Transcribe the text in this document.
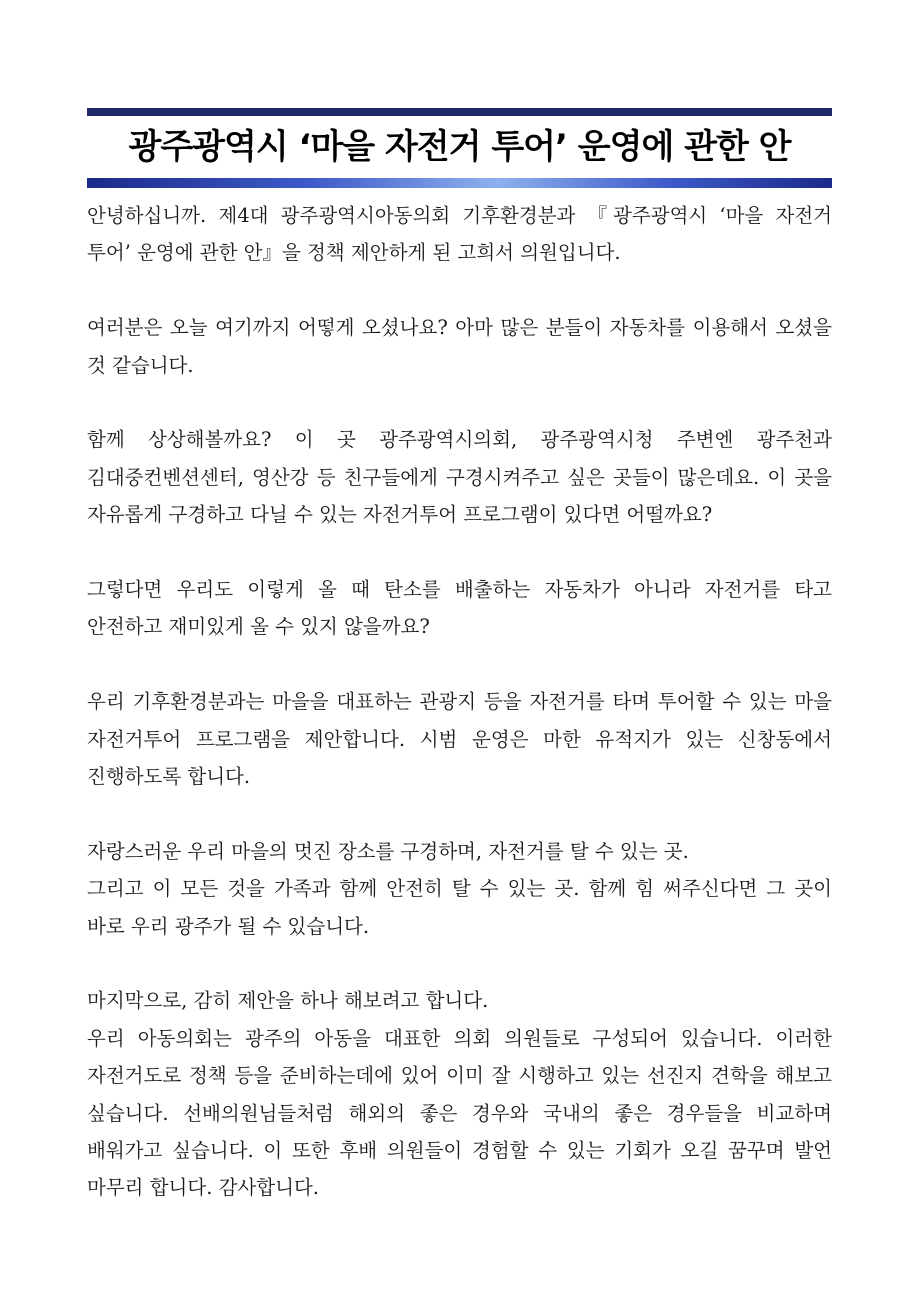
광주광역시 ‘마을 자전거 투어’ 운영에 관한 안

안녕하십니까. 제4대 광주광역시아동의회 기후환경분과 『광주광역시 ‘마을 자전거 투어’ 운영에 관한 안』을 정책 제안하게 된 고희서 의원입니다.

여러분은 오늘 여기까지 어떻게 오셨나요? 아마 많은 분들이 자동차를 이용해서 오셨을 것 같습니다.

함께 상상해볼까요? 이 곳 광주광역시의회, 광주광역시청 주변엔 광주천과 김대중컨벤션센터, 영산강 등 친구들에게 구경시켜주고 싶은 곳들이 많은데요. 이 곳을 자유롭게 구경하고 다닐 수 있는 자전거투어 프로그램이 있다면 어떨까요?

그렇다면 우리도 이렇게 올 때 탄소를 배출하는 자동차가 아니라 자전거를 타고 안전하고 재미있게 올 수 있지 않을까요?

우리 기후환경분과는 마을을 대표하는 관광지 등을 자전거를 타며 투어할 수 있는 마을 자전거투어 프로그램을 제안합니다. 시범 운영은 마한 유적지가 있는 신창동에서 진행하도록 합니다.

자랑스러운 우리 마을의 멋진 장소를 구경하며, 자전거를 탈 수 있는 곳.
그리고 이 모든 것을 가족과 함께 안전히 탈 수 있는 곳. 함께 힘 써주신다면 그 곳이 바로 우리 광주가 될 수 있습니다.

마지막으로, 감히 제안을 하나 해보려고 합니다.
우리 아동의회는 광주의 아동을 대표한 의회 의원들로 구성되어 있습니다. 이러한 자전거도로 정책 등을 준비하는데에 있어 이미 잘 시행하고 있는 선진지 견학을 해보고 싶습니다. 선배의원님들처럼 해외의 좋은 경우와 국내의 좋은 경우들을 비교하며 배워가고 싶습니다. 이 또한 후배 의원들이 경험할 수 있는 기회가 오길 꿈꾸며 발언 마무리 합니다. 감사합니다.
